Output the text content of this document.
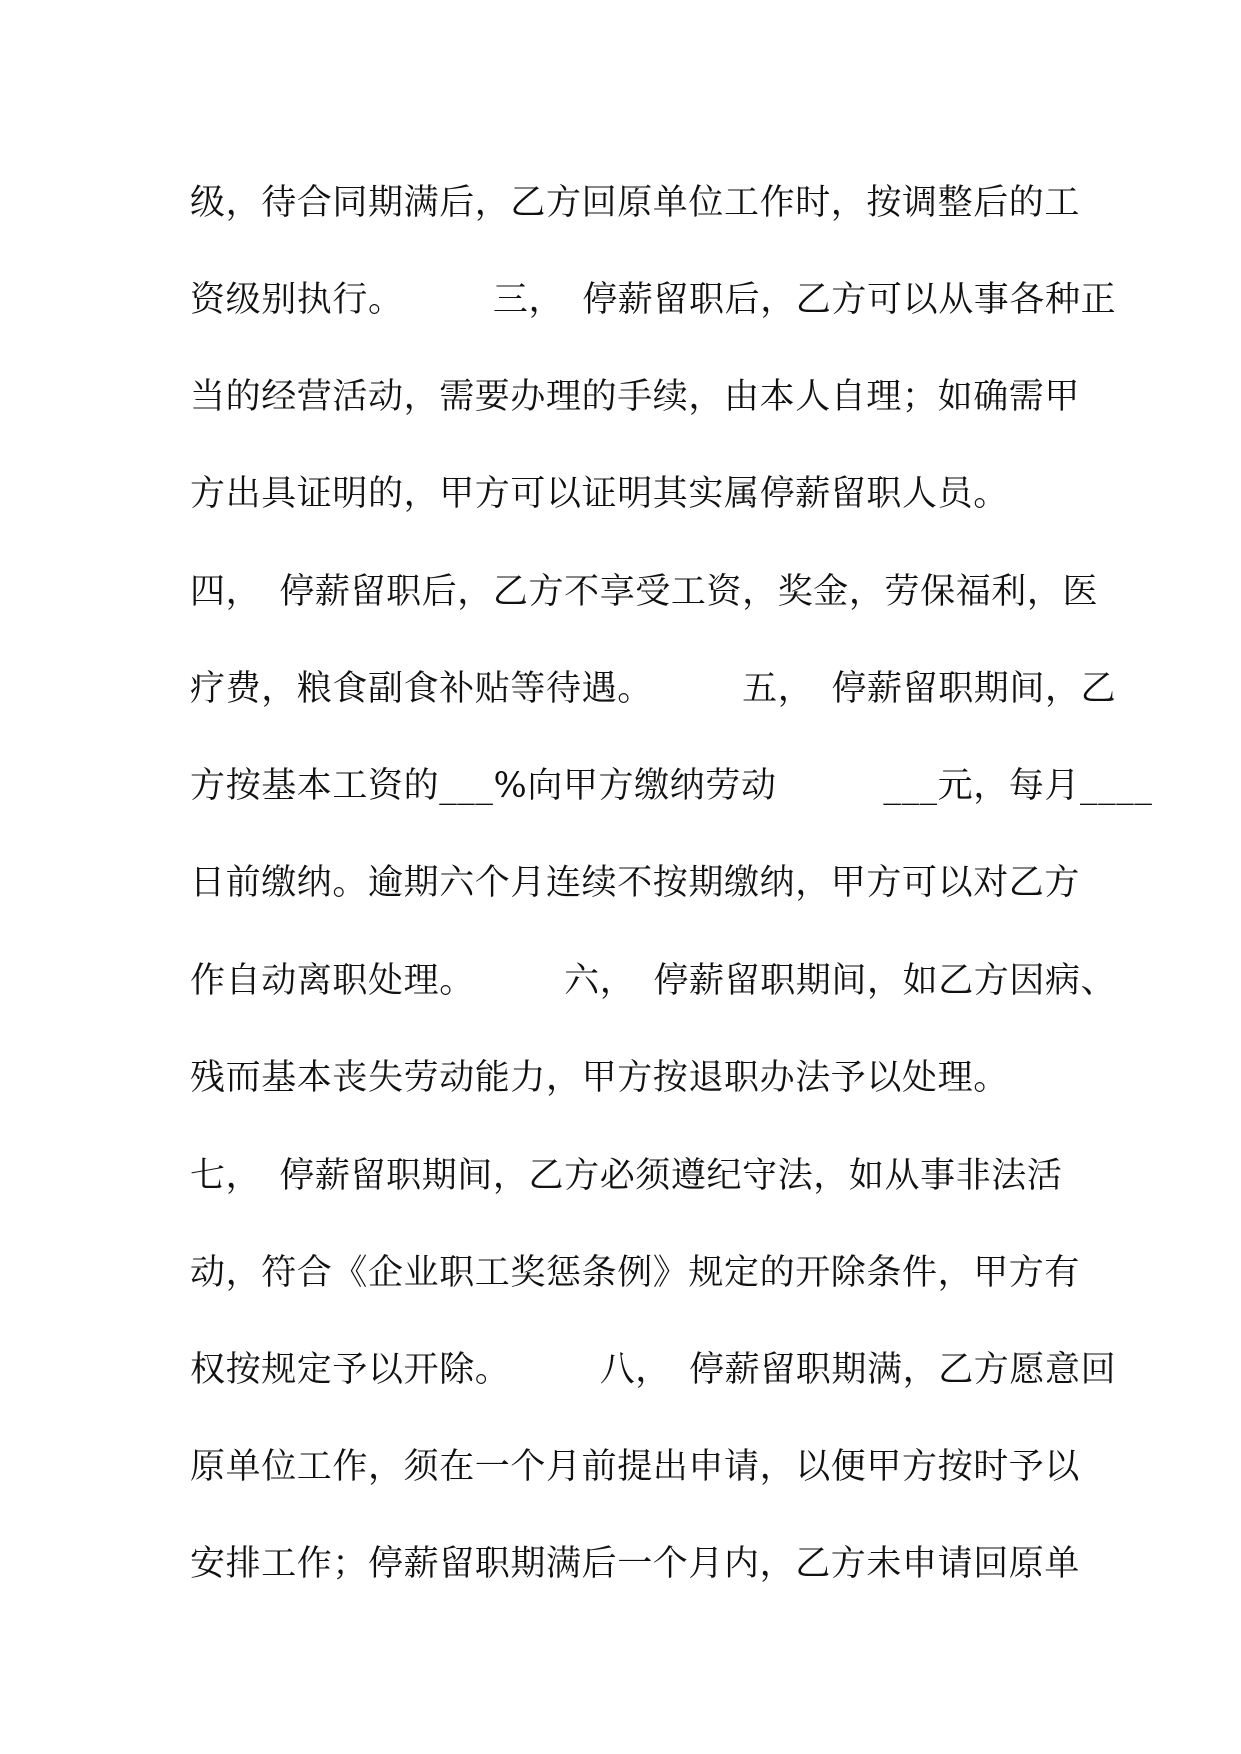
级，待合同期满后，乙方回原单位工作时，按调整后的工
资级别执行。　　　三，　停薪留职后，乙方可以从事各种正
当的经营活动，需要办理的手续，由本人自理；如确需甲
方出具证明的，甲方可以证明其实属停薪留职人员。
四，　停薪留职后，乙方不享受工资，奖金，劳保福利，医
疗费，粮食副食补贴等待遇。　　　五，　停薪留职期间，乙
方按基本工资的___%向甲方缴纳劳动　　　___元，每月____
日前缴纳。逾期六个月连续不按期缴纳，甲方可以对乙方
作自动离职处理。　　　六，　停薪留职期间，如乙方因病、
残而基本丧失劳动能力，甲方按退职办法予以处理。
七，　停薪留职期间，乙方必须遵纪守法，如从事非法活
动，符合《企业职工奖惩条例》规定的开除条件，甲方有
权按规定予以开除。　　　八，　停薪留职期满，乙方愿意回
原单位工作，须在一个月前提出申请，以便甲方按时予以
安排工作；停薪留职期满后一个月内，乙方未申请回原单
